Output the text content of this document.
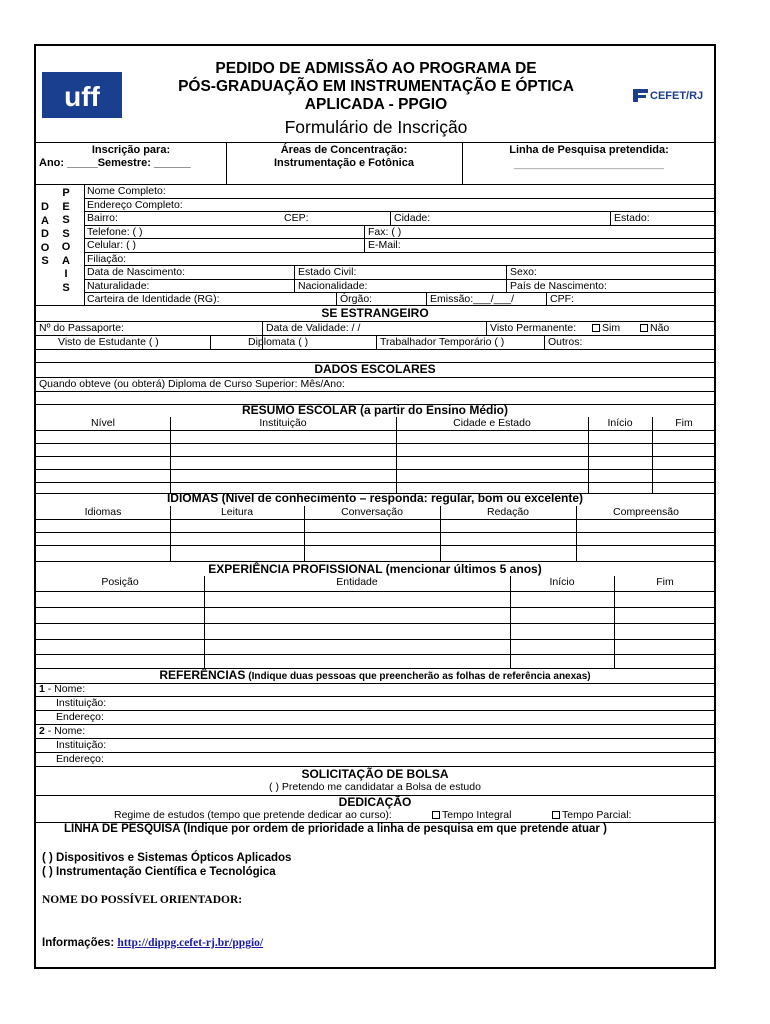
uff
PEDIDO DE ADMISSÃO AO PROGRAMA DE
PÓS-GRADUAÇÃO EM INSTRUMENTAÇÃO E ÓPTICA
APLICADA - PPGIO
Formulário de Inscrição
CEFET/RJ
Inscrição para:
Ano: _____Semestre: ______
Áreas de Concentração:
Instrumentação e Fotônica
Linha de Pesquisa pretendida:
______________________________
D
A
D
O
S
P
E
S
S
O
A
I
S
Nome Completo:
Endereço Completo:
Bairro:	CEP:	Cidade:	Estado:
Telefone: ( )	Fax: ( )
Celular: ( )	E-Mail:
Filiação:
Data de Nascimento:	Estado Civil:	Sexo:
Naturalidade:	Nacionalidade:	País de Nascimento:
Carteira de Identidade (RG):	Órgão:	Emissão:___/___/	CPF:
SE ESTRANGEIRO
Nº do Passaporte:	Data de Validade: / /	Visto Permanente:	Sim	Não
Visto de Estudante ( )	Diplomata ( )	Trabalhador Temporário ( )	Outros:
DADOS ESCOLARES
Quando obteve (ou obterá) Diploma de Curso Superior: Mês/Ano:
RESUMO ESCOLAR (a partir do Ensino Médio)
Nível	Instituição	Cidade e Estado	Início	Fim
IDIOMAS (Nível de conhecimento – responda: regular, bom ou excelente)
Idiomas	Leitura	Conversação	Redação	Compreensão
EXPERIÊNCIA PROFISSIONAL (mencionar últimos 5 anos)
Posição	Entidade	Início	Fim
REFERÊNCIAS (Indique duas pessoas que preencherão as folhas de referência anexas)
1 - Nome:
Instituição:
Endereço:
2 - Nome:
Instituição:
Endereço:
SOLICITAÇÃO DE BOLSA
( ) Pretendo me candidatar a Bolsa de estudo
DEDICAÇÃO
Regime de estudos (tempo que pretende dedicar ao curso):	Tempo Integral	Tempo Parcial:
LINHA DE PESQUISA (Indique por ordem de prioridade a linha de pesquisa em que pretende atuar )
( ) Dispositivos e Sistemas Ópticos Aplicados
( ) Instrumentação Científica e Tecnológica
NOME DO POSSÍVEL ORIENTADOR:
Informações: http://dippg.cefet-rj.br/ppgio/
